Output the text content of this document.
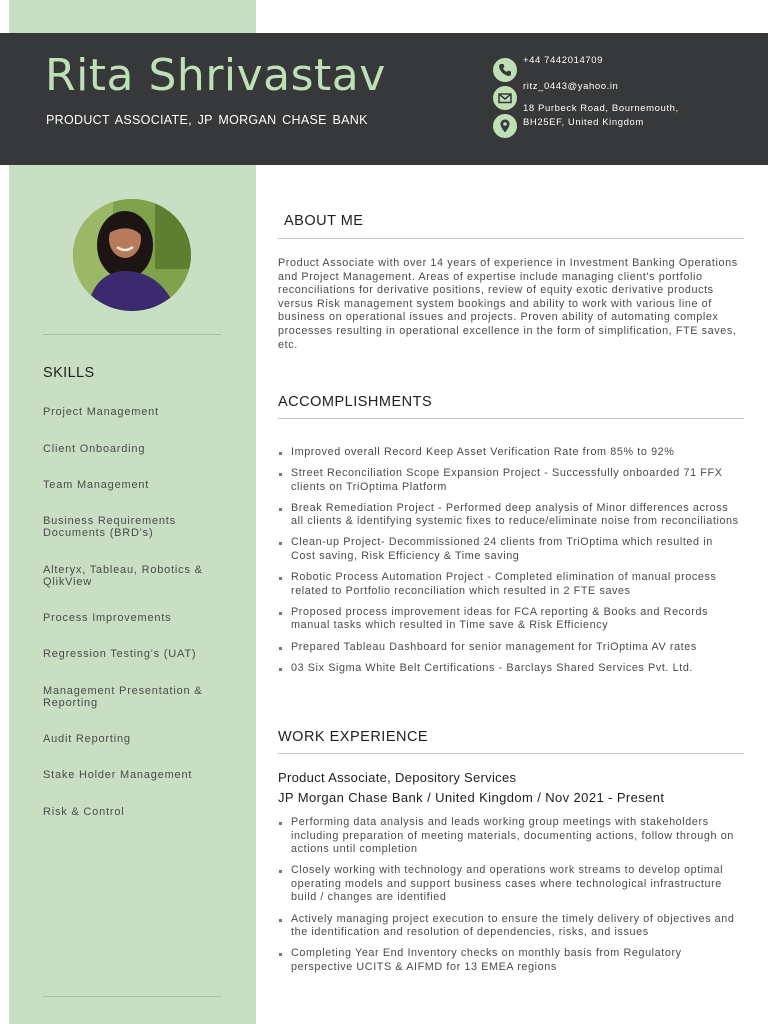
Rita Shrivastav
PRODUCT ASSOCIATE, JP MORGAN CHASE BANK
+44 7442014709
ritz_0443@yahoo.in
18 Purbeck Road, Bournemouth,
BH25EF, United Kingdom
SKILLS
Project Management
Client Onboarding
Team Management
Business Requirements Documents (BRD's)
Alteryx, Tableau, Robotics & QlikView
Process Improvements
Regression Testing's (UAT)
Management Presentation & Reporting
Audit Reporting
Stake Holder Management
Risk & Control
ABOUT ME

Product Associate with over 14 years of experience in Investment Banking Operations and Project Management. Areas of expertise include managing client's portfolio reconciliations for derivative positions, review of equity exotic derivative products versus Risk management system bookings and ability to work with various line of business on operational issues and projects. Proven ability of automating complex processes resulting in operational excellence in the form of simplification, FTE saves, etc.

ACCOMPLISHMENTS
Improved overall Record Keep Asset Verification Rate from 85% to 92%
Street Reconciliation Scope Expansion Project - Successfully onboarded 71 FFX clients on TriOptima Platform
Break Remediation Project - Performed deep analysis of Minor differences across all clients & identifying systemic fixes to reduce/eliminate noise from reconciliations
Clean-up Project- Decommissioned 24 clients from TriOptima which resulted in Cost saving, Risk Efficiency & Time saving
Robotic Process Automation Project - Completed elimination of manual process related to Portfolio reconciliation which resulted in 2 FTE saves
Proposed process improvement ideas for FCA reporting & Books and Records manual tasks which resulted in Time save & Risk Efficiency
Prepared Tableau Dashboard for senior management for TriOptima AV rates
03 Six Sigma White Belt Certifications - Barclays Shared Services Pvt. Ltd.
WORK EXPERIENCE
Product Associate, Depository Services
JP Morgan Chase Bank / United Kingdom / Nov 2021 - Present
Performing data analysis and leads working group meetings with stakeholders including preparation of meeting materials, documenting actions, follow through on actions until completion
Closely working with technology and operations work streams to develop optimal operating models and support business cases where technological infrastructure build / changes are identified
Actively managing project execution to ensure the timely delivery of objectives and the identification and resolution of dependencies, risks, and issues
Completing Year End Inventory checks on monthly basis from Regulatory perspective UCITS & AIFMD for 13 EMEA regions
